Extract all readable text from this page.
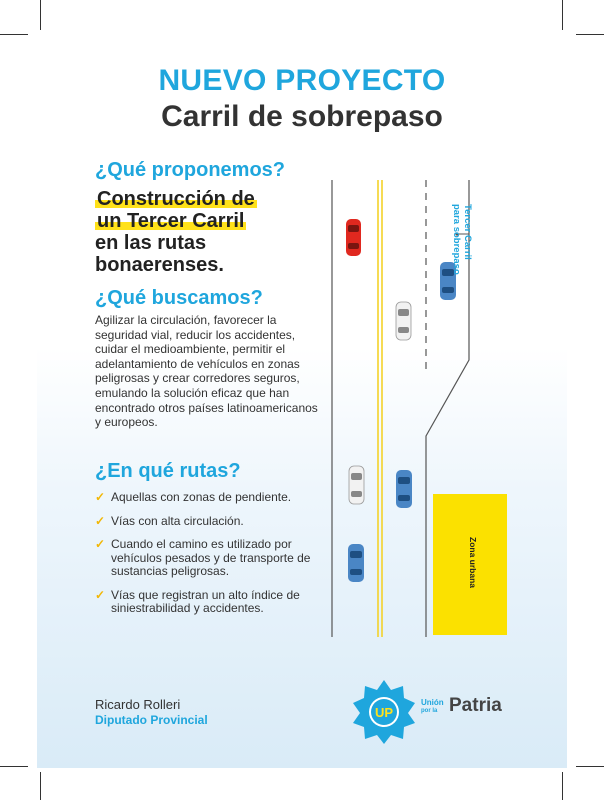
NUEVO PROYECTO
Carril de sobrepaso
¿Qué proponemos?
Construcción de
un Tercer Carril
en las rutas
bonaerenses.
¿Qué buscamos?
Agilizar la circulación, favorecer la seguridad vial, reducir los accidentes, cuidar el medioambiente, permitir el adelantamiento de vehículos en zonas peligrosas y crear corredores seguros, emulando la solución eficaz que han encontrado otros países latinoamericanos y europeos.
¿En qué rutas?
✓ Aquellas con zonas de pendiente.
✓ Vías con alta circulación.
✓ Cuando el camino es utilizado por vehículos pesados y de transporte de sustancias peligrosas.
✓ Vías que registran un alto índice de siniestrabilidad y accidentes.
Tercer Carril
para sobrepaso
Zona urbana
Ricardo Rolleri
Diputado Provincial	UP
Unión
por la Patria
